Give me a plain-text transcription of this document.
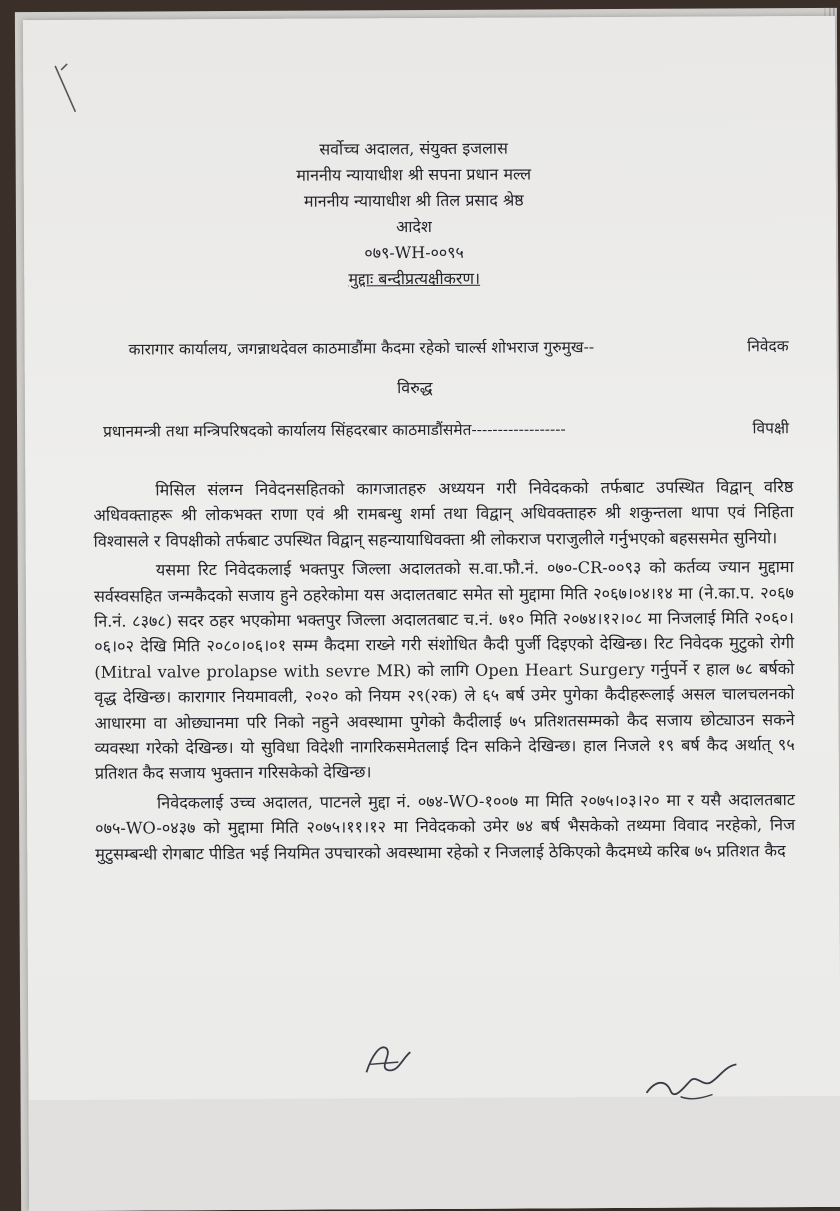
सर्वोच्च अदालत, संयुक्त इजलास
माननीय न्यायाधीश श्री सपना प्रधान मल्ल
माननीय न्यायाधीश श्री तिल प्रसाद श्रेष्ठ
आदेश
०७९-WH-००९५
मुद्दाः बन्दीप्रत्यक्षीकरण।
कारागार कार्यालय, जगन्नाथदेवल काठमाडौंमा कैदमा रहेको चार्ल्स शोभराज गुरुमुख--	निवेदक
विरुद्ध
प्रधानमन्त्री तथा मन्त्रिपरिषदको कार्यालय सिंहदरबार काठमाडौंसमेत------------------	विपक्षी

मिसिल संलग्न निवेदनसहितको कागजातहरु अध्ययन गरी निवेदकको तर्फबाट उपस्थित विद्वान् वरिष्ठ अधिवक्ताहरू श्री लोकभक्त राणा एवं श्री रामबन्धु शर्मा तथा विद्वान् अधिवक्ताहरु श्री शकुन्तला थापा एवं निहिता विश्वासले र विपक्षीको तर्फबाट उपस्थित विद्वान् सहन्यायाधिवक्ता श्री लोकराज पराजुलीले गर्नुभएको बहससमेत सुनियो।

यसमा रिट निवेदकलाई भक्तपुर जिल्ला अदालतको स.वा.फौ.नं. ०७०-CR-००९३ को कर्तव्य ज्यान मुद्दामा सर्वस्वसहित जन्मकैदको सजाय हुने ठहरेकोमा यस अदालतबाट समेत सो मुद्दामा मिति २०६७।०४।१४ मा (ने.का.प. २०६७ नि.नं. ८३७८) सदर ठहर भएकोमा भक्तपुर जिल्ला अदालतबाट च.नं. ७१० मिति २०७४।१२।०८ मा निजलाई मिति २०६०।०६।०२ देखि मिति २०८०।०६।०१ सम्म कैदमा राख्ने गरी संशोधित कैदी पुर्जी दिइएको देखिन्छ। रिट निवेदक मुटुको रोगी (Mitral valve prolapse with sevre MR) को लागि Open Heart Surgery गर्नुपर्ने र हाल ७८ बर्षको वृद्ध देखिन्छ। कारागार नियमावली, २०२० को नियम २९(२क) ले ६५ बर्ष उमेर पुगेका कैदीहरूलाई असल चालचलनको आधारमा वा ओछ्यानमा परि निको नहुने अवस्थामा पुगेको कैदीलाई ७५ प्रतिशतसम्मको कैद सजाय छोट्याउन सकने व्यवस्था गरेको देखिन्छ। यो सुविधा विदेशी नागरिकसमेतलाई दिन सकिने देखिन्छ। हाल निजले १९ बर्ष कैद अर्थात् ९५ प्रतिशत कैद सजाय भुक्तान गरिसकेको देखिन्छ।

निवेदकलाई उच्च अदालत, पाटनले मुद्दा नं. ०७४-WO-१००७ मा मिति २०७५।०३।२० मा र यसै अदालतबाट ०७५-WO-०४३७ को मुद्दामा मिति २०७५।११।१२ मा निवेदकको उमेर ७४ बर्ष भैसकेको तथ्यमा विवाद नरहेको, निज मुटुसम्बन्धी रोगबाट पीडित भई नियमित उपचारको अवस्थामा रहेको र निजलाई ठेकिएको कैदमध्ये करिब ७५ प्रतिशत कैद
